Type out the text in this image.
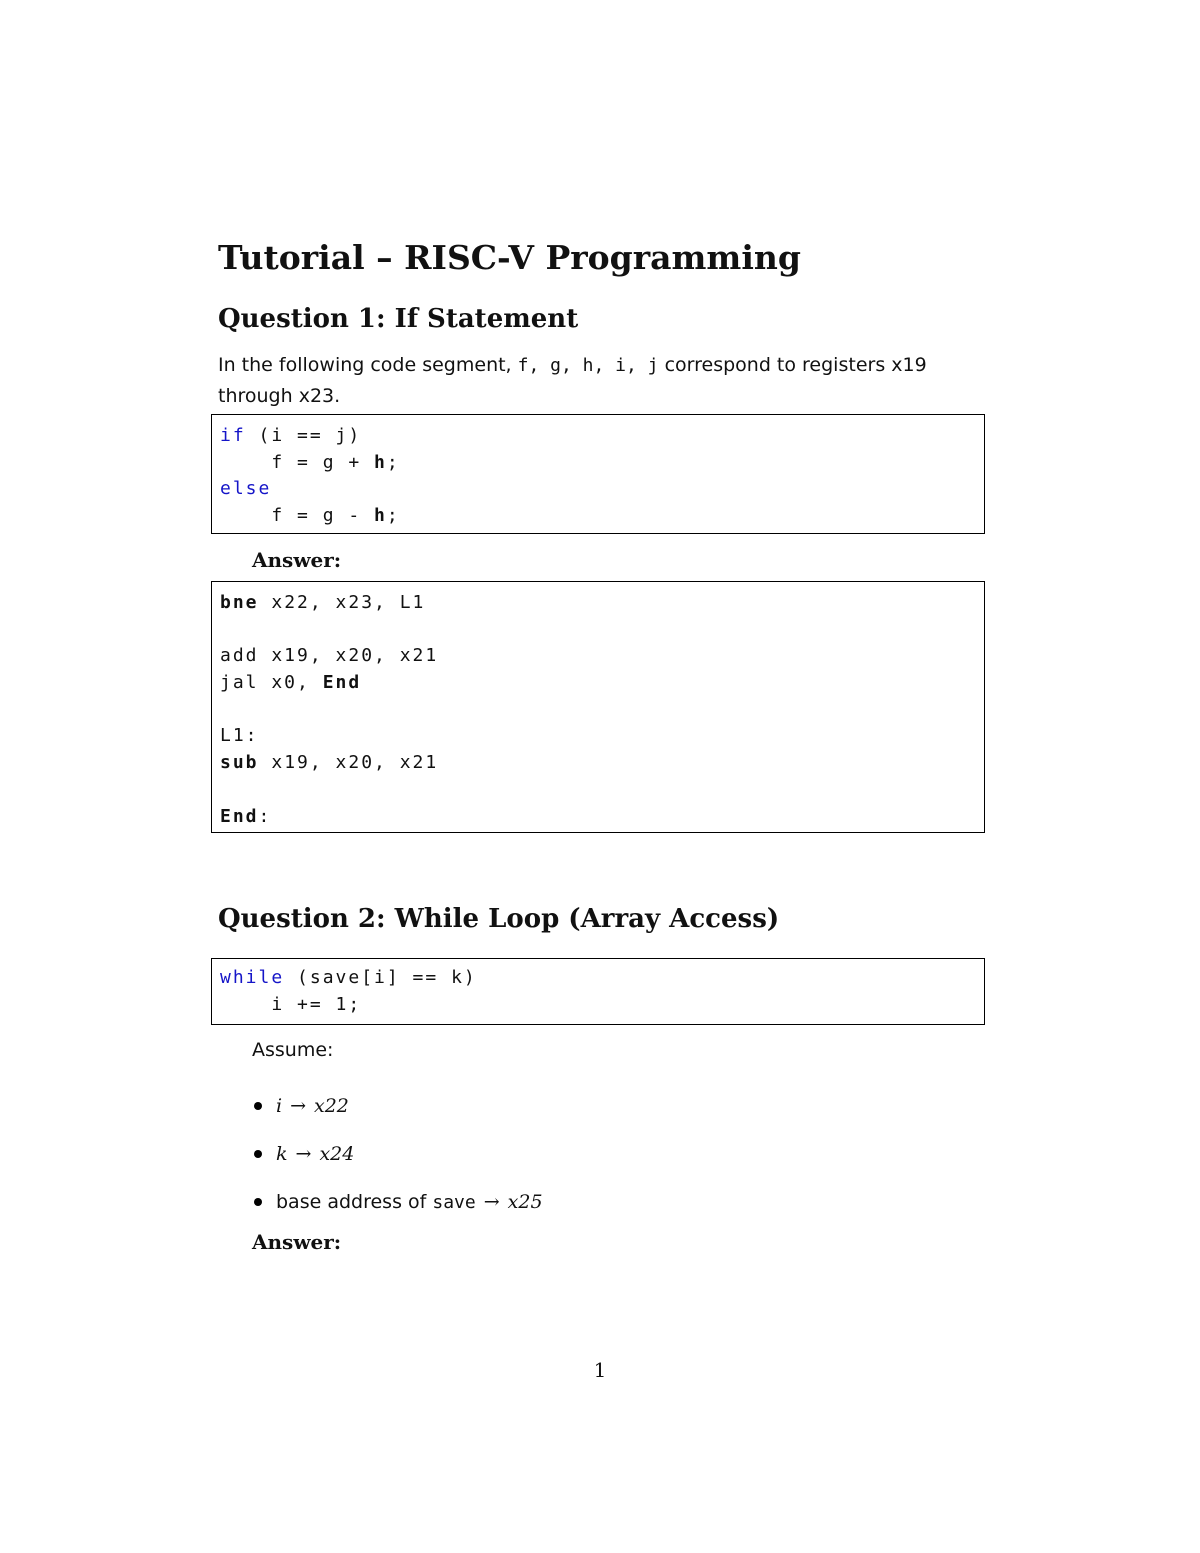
Tutorial – RISC-V Programming
Question 1: If Statement

In the following code segment, f, g, h, i, j correspond to registers x19 through x23.

if (i == j)
f = g + h;
else
f = g - h;

Answer:

bne x22, x23, L1
add x19, x20, x21
jal x0, End
L1:
sub x19, x20, x21
End:
Question 2: While Loop (Array Access)
while (save[i] == k)
i += 1;

Assume:

i → x22
k → x24
base address of save → x25

Answer:

1
